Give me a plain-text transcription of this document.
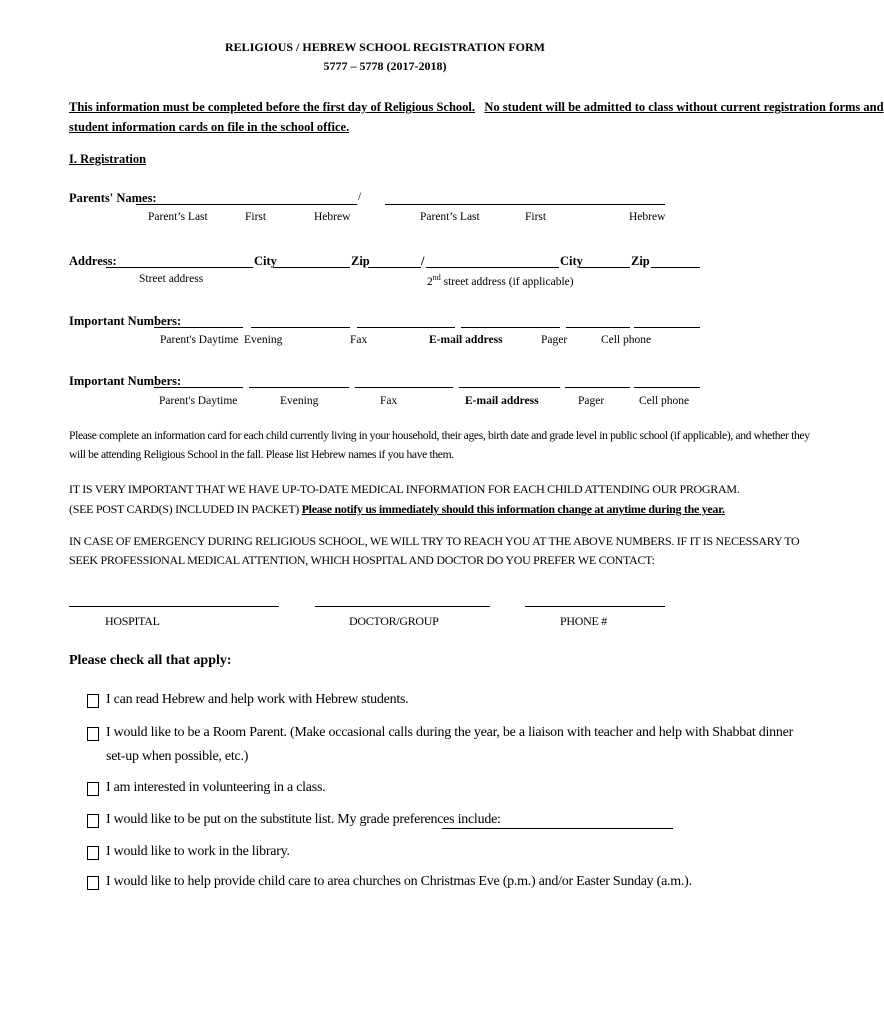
RELIGIOUS / HEBREW SCHOOL REGISTRATION FORM
5777 – 5778 (2017-2018)
This information must be completed before the first day of Religious School. No student will be admitted to class without current registration forms and
student information cards on file in the school office.
I. Registration
Parents' Names:	/
Parent’s Last	First	Hebrew	Parent’s Last	First	Hebrew
Address:	City	Zip	/	City	Zip
Street address	2nd street address (if applicable)
Important Numbers:
Parent's Daytime Evening	Fax	E-mail address	Pager	Cell phone
Important Numbers:
Parent's Daytime	Evening	Fax	E-mail address	Pager	Cell phone
Please complete an information card for each child currently living in your household, their ages, birth date and grade level in public school (if applicable), and whether they
will be attending Religious School in the fall. Please list Hebrew names if you have them.
IT IS VERY IMPORTANT THAT WE HAVE UP-TO-DATE MEDICAL INFORMATION FOR EACH CHILD ATTENDING OUR PROGRAM.
(SEE POST CARD(S) INCLUDED IN PACKET) Please notify us immediately should this information change at anytime during the year.
IN CASE OF EMERGENCY DURING RELIGIOUS SCHOOL, WE WILL TRY TO REACH YOU AT THE ABOVE NUMBERS. IF IT IS NECESSARY TO
SEEK PROFESSIONAL MEDICAL ATTENTION, WHICH HOSPITAL AND DOCTOR DO YOU PREFER WE CONTACT:
HOSPITAL	DOCTOR/GROUP	PHONE #
Please check all that apply:
I can read Hebrew and help work with Hebrew students.
I would like to be a Room Parent. (Make occasional calls during the year, be a liaison with teacher and help with Shabbat dinner
set-up when possible, etc.)
I am interested in volunteering in a class.
I would like to be put on the substitute list. My grade preferences include:
I would like to work in the library.
I would like to help provide child care to area churches on Christmas Eve (p.m.) and/or Easter Sunday (a.m.).
